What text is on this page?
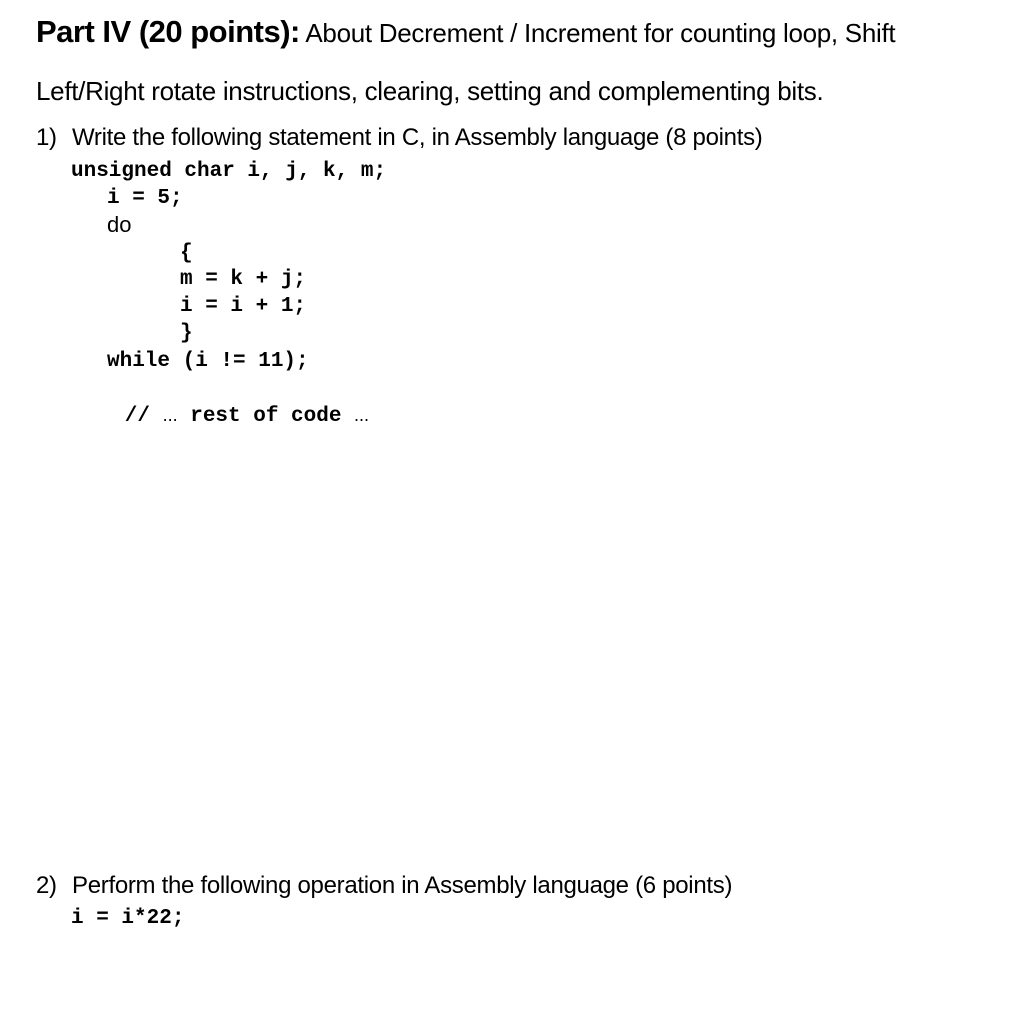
Part IV (20 points): About Decrement / Increment for counting loop, Shift
Left/Right rotate instructions, clearing, setting and complementing bits.
1) Write the following statement in C, in Assembly language (8 points)
unsigned char i, j, k, m;
i = 5;
do
{
m = k + j;
i = i + 1;
}
while (i != 11);

// ... rest of code ...

2) Perform the following operation in Assembly language (6 points)
i = i*22;
